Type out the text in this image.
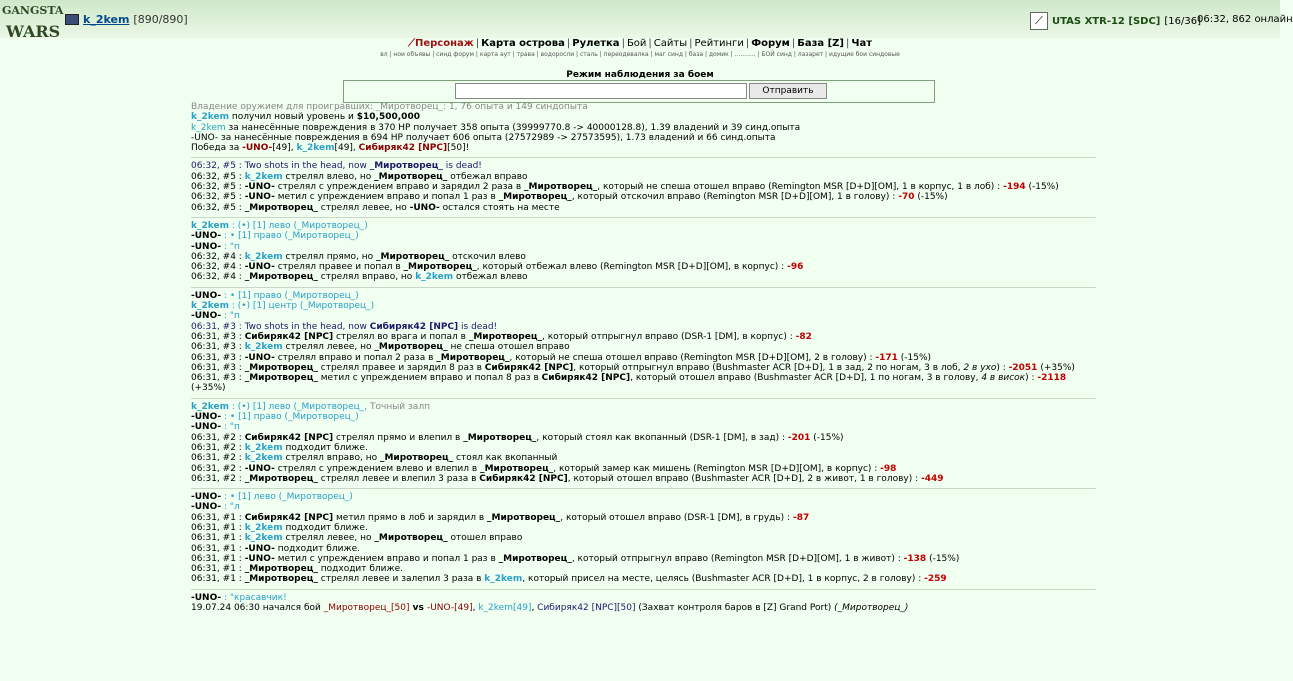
GANGSTA
WARS
k_2kem [890/890]	⟋ UTAS XTR-12 [SDC] [16/36]
06:32, 862 онлайн
⟋Персонаж | Карта острова | Рулетка | Бой | Сайты | Рейтинги | Форум | База [Z] | Чат
вл | нои объявы | синд форум | карта аут | трава | водоросли | сталь | переодевалка | маг синд | база | домик | ........... | БОЙ синд | лазарет | идущие бои синдовые
Режим наблюдения за боем
Отправить
Владение оружием для проигравших: _Миротворец_: 1, 76 опыта и 149 синдопыта
k_2kem получил новый уровень и $10,500,000
k_2kem за нанесённые повреждения в 370 HP получает 358 опыта (39999770.8 -> 40000128.8), 1.39 владений и 39 синд.опыта
-UNO- за нанесённые повреждения в 694 HP получает 606 опыта (27572989 -> 27573595), 1.73 владений и 66 синд.опыта
Победа за -UNO-[49], k_2kem[49], Сибиряк42 [NPC][50]!
06:32, #5 : Two shots in the head, now _Миротворец_ is dead!
06:32, #5 : k_2kem стрелял влево, но _Миротворец_ отбежал вправо
06:32, #5 : -UNO- стрелял с упреждением вправо и зарядил 2 раза в _Миротворец_, который не спеша отошел вправо (Remington MSR [D+D][OM], 1 в корпус, 1 в лоб) : -194 (-15%)
06:32, #5 : -UNO- метил с упреждением вправо и попал 1 раз в _Миротворец_, который отскочил вправо (Remington MSR [D+D][OM], 1 в голову) : -70 (-15%)
06:32, #5 : _Миротворец_ стрелял левее, но -UNO- остался стоять на месте
k_2kem : (•) [1] лево (_Миротворец_)
-UNO- : • [1] право (_Миротворец_)
-UNO- : "п
06:32, #4 : k_2kem стрелял прямо, но _Миротворец_ отскочил влево
06:32, #4 : -UNO- стрелял правее и попал в _Миротворец_, который отбежал влево (Remington MSR [D+D][OM], в корпус) : -96
06:32, #4 : _Миротворец_ стрелял вправо, но k_2kem отбежал влево
-UNO- : • [1] право (_Миротворец_)
k_2kem : (•) [1] центр (_Миротворец_)
-UNO- : "п
06:31, #3 : Two shots in the head, now Сибиряк42 [NPC] is dead!
06:31, #3 : Сибиряк42 [NPC] стрелял во врага и попал в _Миротворец_, который отпрыгнул вправо (DSR-1 [DM], в корпус) : -82
06:31, #3 : k_2kem стрелял левее, но _Миротворец_ не спеша отошел вправо
06:31, #3 : -UNO- стрелял вправо и попал 2 раза в _Миротворец_, который не спеша отошел вправо (Remington MSR [D+D][OM], 2 в голову) : -171 (-15%)
06:31, #3 : _Миротворец_ стрелял правее и зарядил 8 раз в Сибиряк42 [NPC], который отпрыгнул вправо (Bushmaster ACR [D+D], 1 в зад, 2 по ногам, 3 в лоб, 2 в ухо) : -2051 (+35%)
06:31, #3 : _Миротворец_ метил с упреждением вправо и попал 8 раз в Сибиряк42 [NPC], который отошел вправо (Bushmaster ACR [D+D], 1 по ногам, 3 в голову, 4 в висок) : -2118 (+35%)
k_2kem : (•) [1] лево (_Миротворец_, Точный залп
-UNO- : • [1] право (_Миротворец_)
-UNO- : "п
06:31, #2 : Сибиряк42 [NPC] стрелял прямо и влепил в _Миротворец_, который стоял как вкопанный (DSR-1 [DM], в зад) : -201 (-15%)
06:31, #2 : k_2kem подходит ближе.
06:31, #2 : k_2kem стрелял вправо, но _Миротворец_ стоял как вкопанный
06:31, #2 : -UNO- стрелял с упреждением влево и влепил в _Миротворец_, который замер как мишень (Remington MSR [D+D][OM], в корпус) : -98
06:31, #2 : _Миротворец_ стрелял левее и влепил 3 раза в Сибиряк42 [NPC], который отошел вправо (Bushmaster ACR [D+D], 2 в живот, 1 в голову) : -449
-UNO- : • [1] лево (_Миротворец_)
-UNO- : "л
06:31, #1 : Сибиряк42 [NPC] метил прямо в лоб и зарядил в _Миротворец_, который отошел вправо (DSR-1 [DM], в грудь) : -87
06:31, #1 : k_2kem подходит ближе.
06:31, #1 : k_2kem стрелял левее, но _Миротворец_ отошел вправо
06:31, #1 : -UNO- подходит ближе.
06:31, #1 : -UNO- метил с упреждением вправо и попал 1 раз в _Миротворец_, который отпрыгнул вправо (Remington MSR [D+D][OM], 1 в живот) : -138 (-15%)
06:31, #1 : _Миротворец_ подходит ближе.
06:31, #1 : _Миротворец_ стрелял левее и залепил 3 раза в k_2kem, который присел на месте, целясь (Bushmaster ACR [D+D], 1 в корпус, 2 в голову) : -259
-UNO- : "красавчик!
19.07.24 06:30 началcя бой _Миротворец_[50] vs -UNO-[49], k_2kem[49], Сибиряк42 [NPC][50] (Захват контроля баров в [Z] Grand Port) (_Миротворец_)
